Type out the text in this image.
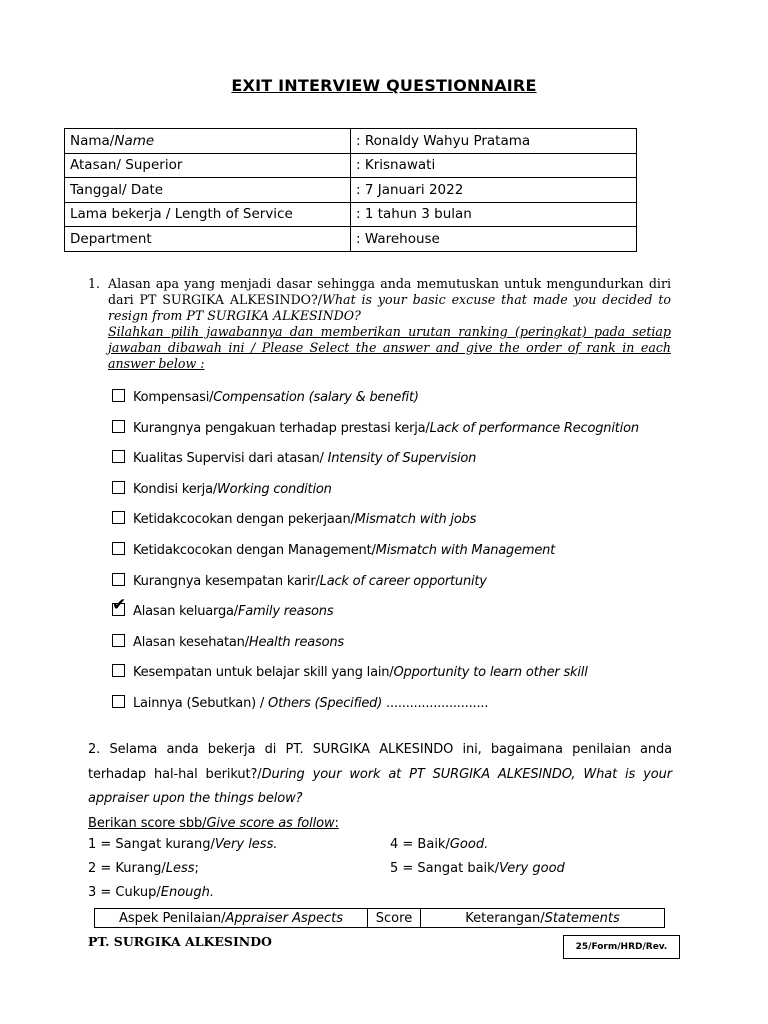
EXIT INTERVIEW QUESTIONNAIRE
Nama/Name	: Ronaldy Wahyu Pratama
Atasan/ Superior	: Krisnawati
Tanggal/ Date	: 7 Januari 2022
Lama bekerja / Length of Service	: 1 tahun 3 bulan
Department	: Warehouse
1. Alasan apa yang menjadi dasar sehingga anda memutuskan untuk mengundurkan diri dari PT SURGIKA ALKESINDO?/What is your basic excuse that made you decided to resign from PT SURGIKA ALKESINDO?
Silahkan pilih jawabannya dan memberikan urutan ranking (peringkat) pada setiap jawaban dibawah ini / Please Select the answer and give the order of rank in each answer below :
Kompensasi/Compensation (salary & benefit)
Kurangnya pengakuan terhadap prestasi kerja/Lack of performance Recognition
Kualitas Supervisi dari atasan/ Intensity of Supervision
Kondisi kerja/Working condition
Ketidakcocokan dengan pekerjaan/Mismatch with jobs
Ketidakcocokan dengan Management/Mismatch with Management
Kurangnya kesempatan karir/Lack of career opportunity
✔ Alasan keluarga/Family reasons
Alasan kesehatan/Health reasons
Kesempatan untuk belajar skill yang lain/Opportunity to learn other skill
Lainnya (Sebutkan) / Others (Specified) ..........................
2. Selama anda bekerja di PT. SURGIKA ALKESINDO ini, bagaimana penilaian anda terhadap hal-hal berikut?/During your work at PT SURGIKA ALKESINDO, What is your appraiser upon the things below?
Berikan score sbb/Give score as follow:
1 = Sangat kurang/Very less.
2 = Kurang/Less;
3 = Cukup/Enough.
4 = Baik/Good.
5 = Sangat baik/Very good
Aspek Penilaian/Appraiser Aspects	Score	Keterangan/Statements
PT. SURGIKA ALKESINDO	25/Form/HRD/Rev.
